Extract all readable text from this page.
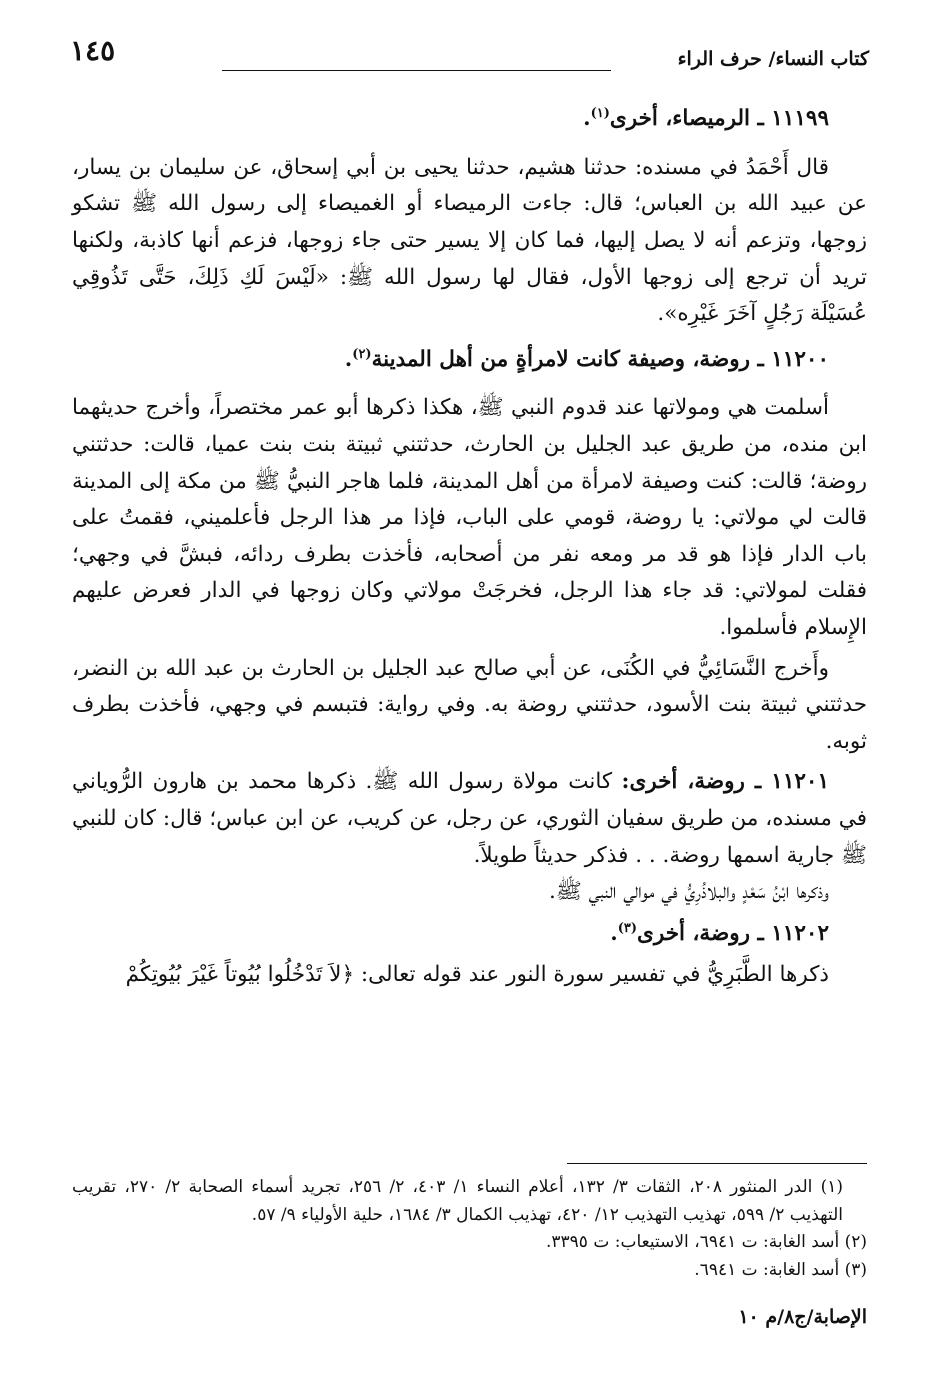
كتاب النساء/ حرف الراء
١٤٥

١١١٩٩ ـ الرميصاء، أخرى$^{(١)}$.

قال أَحْمَدُ في مسنده: حدثنا هشيم، حدثنا يحيى بن أبي إسحاق، عن سليمان بن يسار، عن عبيد الله بن العباس؛ قال: جاءت الرميصاء أو الغميصاء إلى رسول الله ﷺ تشكو زوجها، وتزعم أنه لا يصل إليها، فما كان إلا يسير حتى جاء زوجها، فزعم أنها كاذبة، ولكنها تريد أن ترجع إلى زوجها الأول، فقال لها رسول الله ﷺ: «لَيْسَ لَكِ ذَلِكَ، حَتَّى تَذُوقِي عُسَيْلَة رَجُلٍ آخَرَ غَيْرِه».

١١٢٠٠ ـ روضة، وصيفة كانت لامرأةٍ من أهل المدينة$^{(٢)}$.

أسلمت هي ومولاتها عند قدوم النبي ﷺ، هكذا ذكرها أبو عمر مختصراً، وأخرج حديثهما ابن منده، من طريق عبد الجليل بن الحارث، حدثتني ثبيتة بنت بنت عميا، قالت: حدثتني روضة؛ قالت: كنت وصيفة لامرأة من أهل المدينة، فلما هاجر النبيُّ ﷺ من مكة إلى المدينة قالت لي مولاتي: يا روضة، قومي على الباب، فإذا مر هذا الرجل فأعلميني، فقمتُ على باب الدار فإذا هو قد مر ومعه نفر من أصحابه، فأخذت بطرف ردائه، فبشَّ في وجهي؛ فقلت لمولاتي: قد جاء هذا الرجل، فخرجَتْ مولاتي وكان زوجها في الدار فعرض عليهم الإِسلام فأسلموا.

وأَخرج النَّسَائِيُّ في الكُنَى، عن أبي صالح عبد الجليل بن الحارث بن عبد الله بن النضر، حدثتني ثبيتة بنت الأسود، حدثتني روضة به. وفي رواية: فتبسم في وجهي، فأخذت بطرف ثوبه.

١١٢٠١ ـ روضة، أخرى: كانت مولاة رسول الله ﷺ. ذكرها محمد بن هارون الرُّوياني في مسنده، من طريق سفيان الثوري، عن رجل، عن كريب، عن ابن عباس؛ قال: كان للنبي ﷺ جارية اسمها روضة. . . فذكر حديثاً طويلاً.

وذكرها ابْنُ سَعْدٍ والبلاذُرِيُّ في موالي النبي ﷺ.

١١٢٠٢ ـ روضة، أخرى$^{(٣)}$.

ذكرها الطَّبَرِيُّ في تفسير سورة النور عند قوله تعالى: ﴿لاَ تَدْخُلُوا بُيُوتاً غَيْرَ بُيُوتِكُمْ

(١) الدر المنثور ٢٠٨، الثقات ٣/ ١٣٢، أعلام النساء ١/ ٤٠٣، ٢/ ٢٥٦، تجريد أسماء الصحابة ٢/ ٢٧٠، تقريب التهذيب ٢/ ٥٩٩، تهذيب التهذيب ١٢/ ٤٢٠، تهذيب الكمال ٣/ ١٦٨٤، حلية الأولياء ٩/ ٥٧.

(٢) أسد الغابة: ت ٦٩٤١، الاستيعاب: ت ٣٣٩٥.

(٣) أسد الغابة: ت ٦٩٤١.

الإصابة/ج٨/م ١٠
